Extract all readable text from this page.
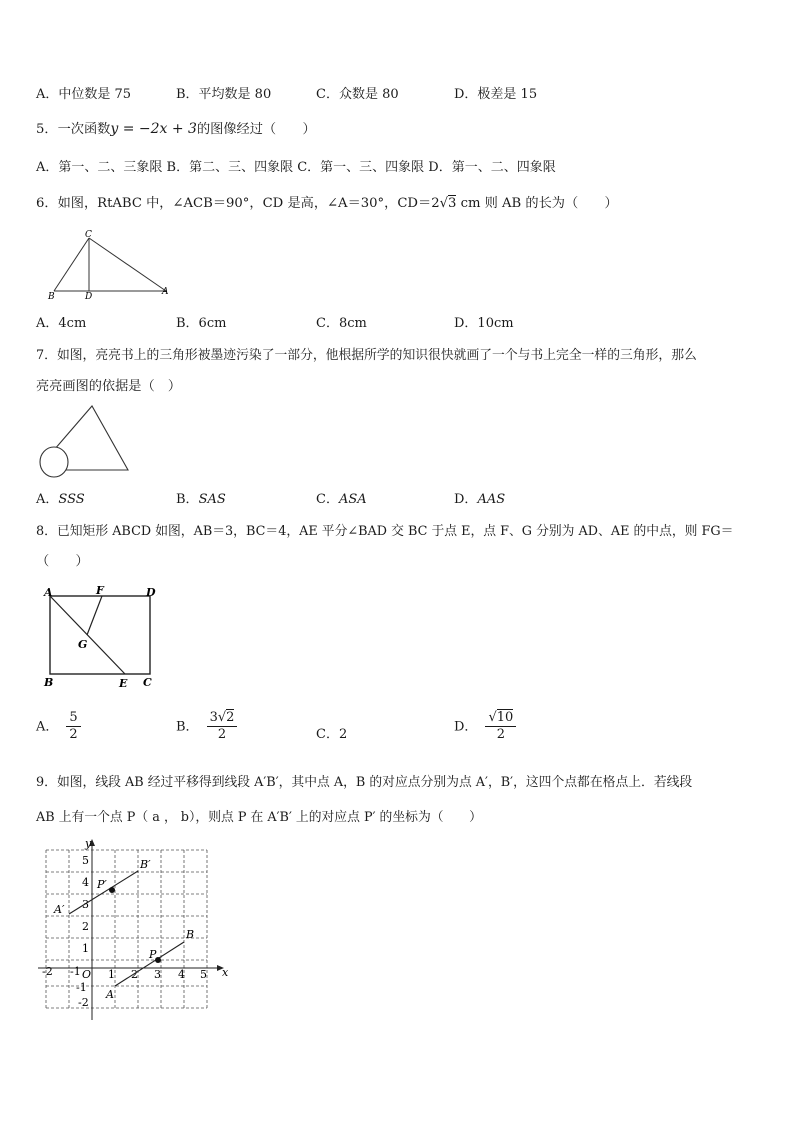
A．中位数是 75	B．平均数是 80	C．众数是 80	D．极差是 15
5．一次函数y = −2x + 3的图像经过（　　）
A．第一、二、三象限 B．第二、三、四象限 C．第一、三、四象限 D．第一、二、四象限
6．如图，RtABC 中，∠ACB＝90°，CD 是高，∠A＝30°，CD＝2√3 cm 则 AB 的长为（　　）
C
B	D	A
A．4cm	B．6cm	C．8cm	D．10cm
7．如图，亮亮书上的三角形被墨迹污染了一部分，他根据所学的知识很快就画了一个与书上完全一样的三角形，那么
亮亮画图的依据是（　）
A．SSS	B．SAS	C．ASA	D．AAS
8．已知矩形 ABCD 如图，AB＝3，BC＝4，AE 平分∠BAD 交 BC 于点 E，点 F、G 分别为 AD、AE 的中点，则 FG＝
（　　）
A	F	D
G
B	E C
A． $\frac{5}{2}$	B． $\frac{3√2}{2}$	C．2
D． $\frac{√10}{2}$
9．如图，线段 AB 经过平移得到线段 A′B′，其中点 A，B 的对应点分别为点 A′，B′，这四个点都在格点上．若线段
AB 上有一个点 P（ a ， b），则点 P 在 A′B′ 上的对应点 P′ 的坐标为（　　）
x
y
O
-2 -1 1 2 3 4 5
5
4
3
2
1
-1
-2
A′
B′
P′
P
B
A
